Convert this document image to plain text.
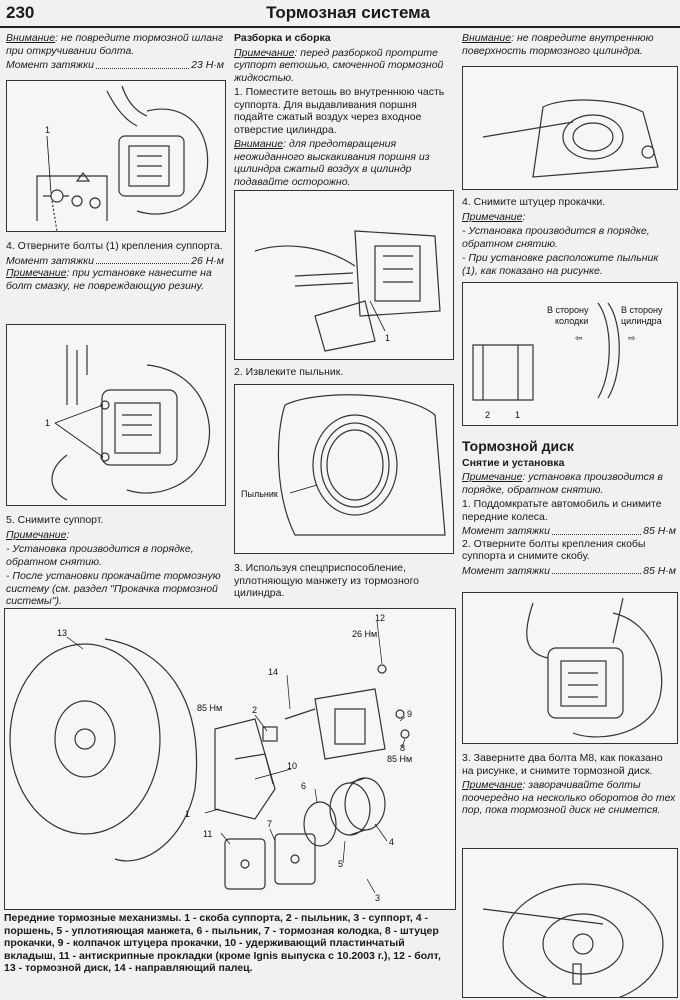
230	Тормозная система

Внимание: не повредите тормозной шланг при откручивании болта.

Момент затяжки	23 Н·м
1

4. Отверните болты (1) крепления суппорта.

Момент затяжки	26 Н·м

Примечание: при установке нанесите на болт смазку, не повреждающую резину.

1

5. Снимите суппорт.

Примечание:

- Установка производится в порядке, обратном снятию.

- После установки прокачайте тормозную систему (см. раздел "Прокачка тормозной системы").

Разборка и сборка

Примечание: перед разборкой протрите суппорт ветошью, смоченной тормозной жидкостью.

1. Поместите ветошь во внутреннюю часть суппорта. Для выдавливания поршня подайте сжатый воздух через входное отверстие цилиндра.

Внимание: для предотвращения неожиданного выскакивания поршня из цилиндра сжатый воздух в цилиндр подавайте осторожно.

1

2. Извлеките пыльник.

Пыльник

3. Используя спецприспособление, уплотняющую манжету из тормозного цилиндра.

Внимание: не повредите внутреннюю поверхность тормозного цилиндра.

4. Снимите штуцер прокачки.

Примечание:

- Установка производится в порядке, обратном снятию.

- При установке расположите пыльник (1), как показано на рисунке.

В сторону колодки
В сторону цилиндра
⇦	⇨
2	1
Тормозной диск

Снятие и установка

Примечание: установка производится в порядке, обратном снятию.

1. Поддомкратьте автомобиль и снимите передние колеса.

Момент затяжки	85 Н·м

2. Отверните болты крепления скобы суппорта и снимите скобу.

Момент затяжки	85 Н·м

3. Заверните два болта М8, как показано на рисунке, и снимите тормозной диск.

Примечание: заворачивайте болты поочередно на несколько оборотов до тех пор, пока тормозной диск не снимется.

13
12
26 Нм
14
85 Нм	2
10
9
8
85 Нм
1
6
11
7
5
4
3
Передние тормозные механизмы. 1 - скоба суппорта, 2 - пыльник, 3 - суппорт, 4 - поршень, 5 - уплотняющая манжета, 6 - пыльник, 7 - тормозная колодка, 8 - штуцер прокачки, 9 - колпачок штуцера прокачки, 10 - удерживающий пластинчатый вкладыш, 11 - антискрипные прокладки (кроме Ignis выпуска с 10.2003 г.), 12 - болт, 13 - тормозной диск, 14 - направляющий палец.
